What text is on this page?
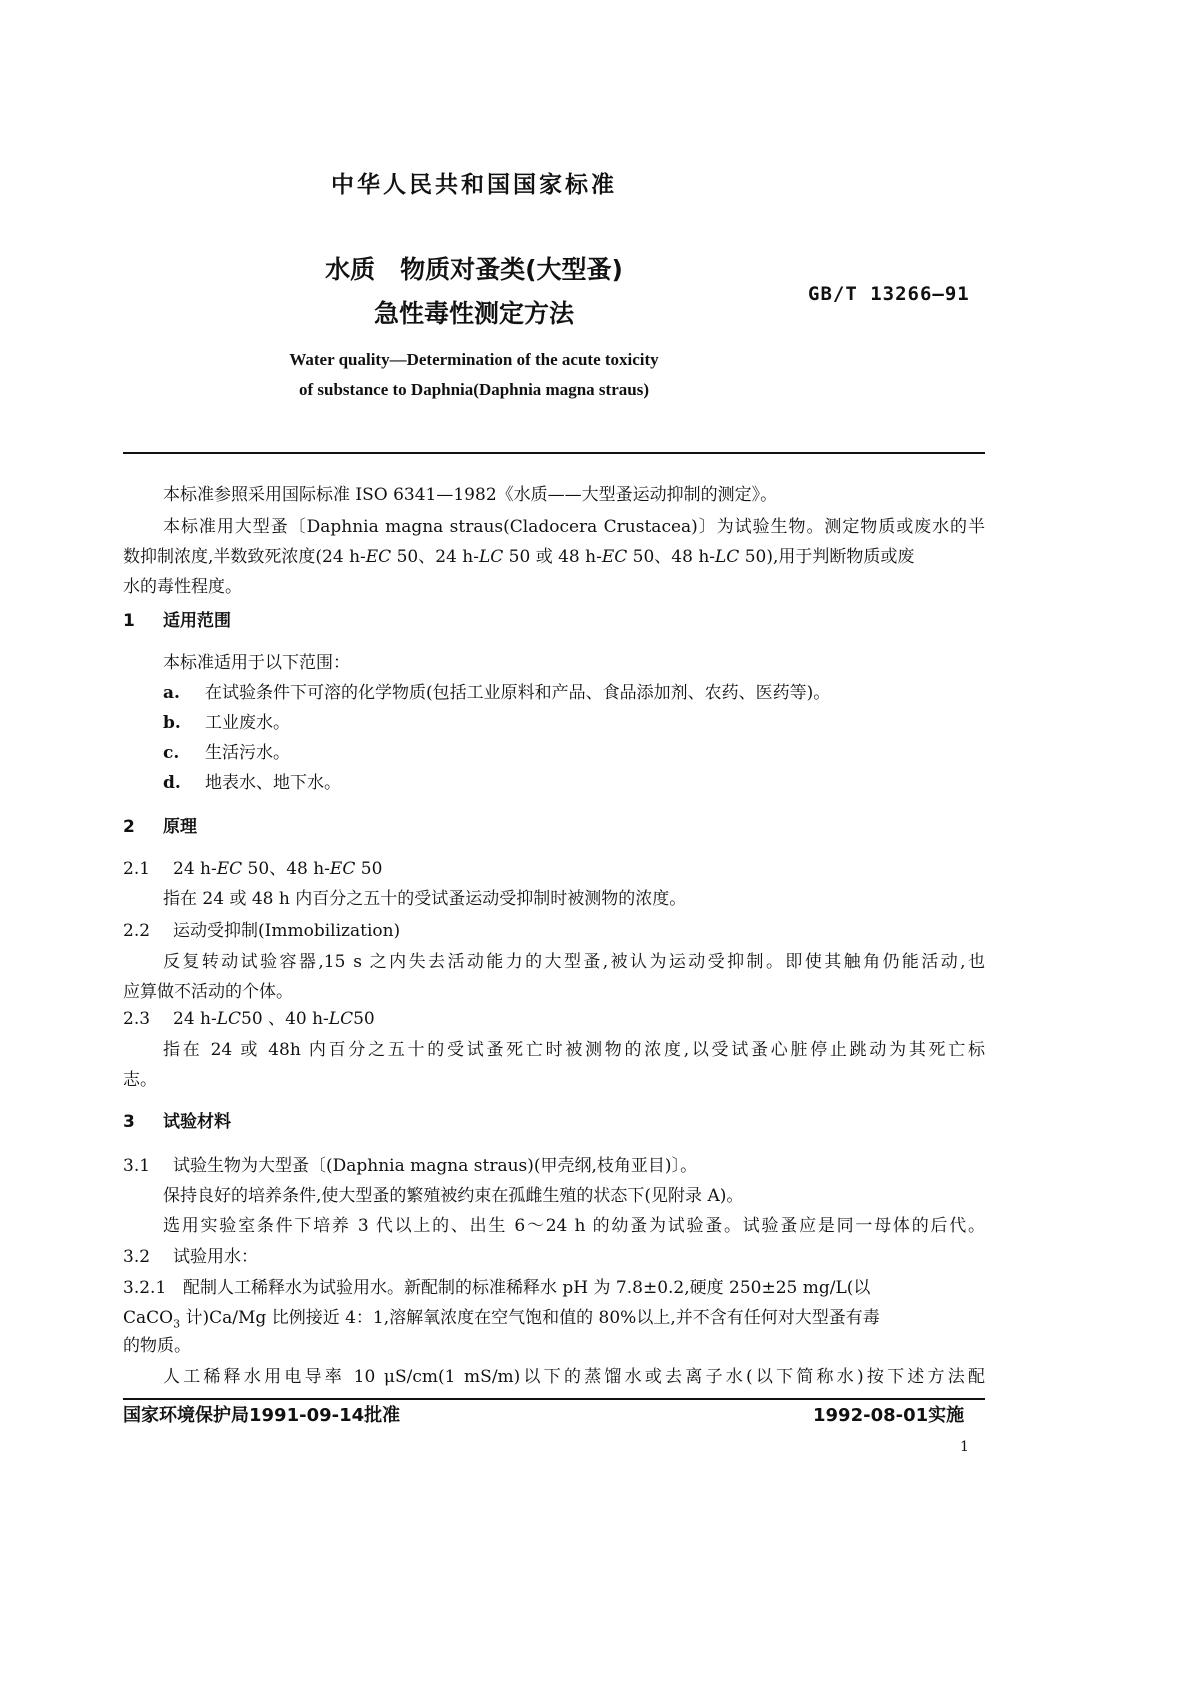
中华人民共和国国家标准
水质　物质对蚤类(大型蚤)
急性毒性测定方法
GB/T 13266—91
Water quality—Determination of the acute toxicity
of substance to Daphnia(Daphnia magna straus)
本标准参照采用国际标准 ISO 6341—1982《水质——大型蚤运动抑制的测定》。
本标准用大型蚤〔Daphnia magna straus(Cladocera Crustacea)〕为试验生物。测定物质或废水的半
数抑制浓度,半数致死浓度(24 h-EC 50、24 h-LC 50 或 48 h-EC 50、48 h-LC 50),用于判断物质或废
水的毒性程度。
1 适用范围
本标准适用于以下范围：
a. 在试验条件下可溶的化学物质(包括工业原料和产品、食品添加剂、农药、医药等)。
b. 工业废水。
c. 生活污水。
d. 地表水、地下水。
2 原理
2.1 24 h-EC 50、48 h-EC 50
指在 24 或 48 h 内百分之五十的受试蚤运动受抑制时被测物的浓度。
2.2 运动受抑制(Immobilization)
反复转动试验容器,15 s 之内失去活动能力的大型蚤,被认为运动受抑制。即使其触角仍能活动,也
应算做不活动的个体。
2.3 24 h-LC50 、40 h-LC50
指在 24 或 48h 内百分之五十的受试蚤死亡时被测物的浓度,以受试蚤心脏停止跳动为其死亡标
志。
3 试验材料
3.1 试验生物为大型蚤〔(Daphnia magna straus)(甲壳纲,枝角亚目)〕。
保持良好的培养条件,使大型蚤的繁殖被约束在孤雌生殖的状态下(见附录 A)。
选用实验室条件下培养 3 代以上的、出生 6～24 h 的幼蚤为试验蚤。试验蚤应是同一母体的后代。
3.2 试验用水：
3.2.1 配制人工稀释水为试验用水。新配制的标准稀释水 pH 为 7.8±0.2,硬度 250±25 mg/L(以
CaCO$_3$ 计)Ca/Mg 比例接近 4：1,溶解氧浓度在空气饱和值的 80%以上,并不含有任何对大型蚤有毒
的物质。
人工稀释水用电导率 10 μS/cm(1 mS/m)以下的蒸馏水或去离子水(以下简称水)按下述方法配
国家环境保护局1991-09-14批准	1992-08-01实施
1
